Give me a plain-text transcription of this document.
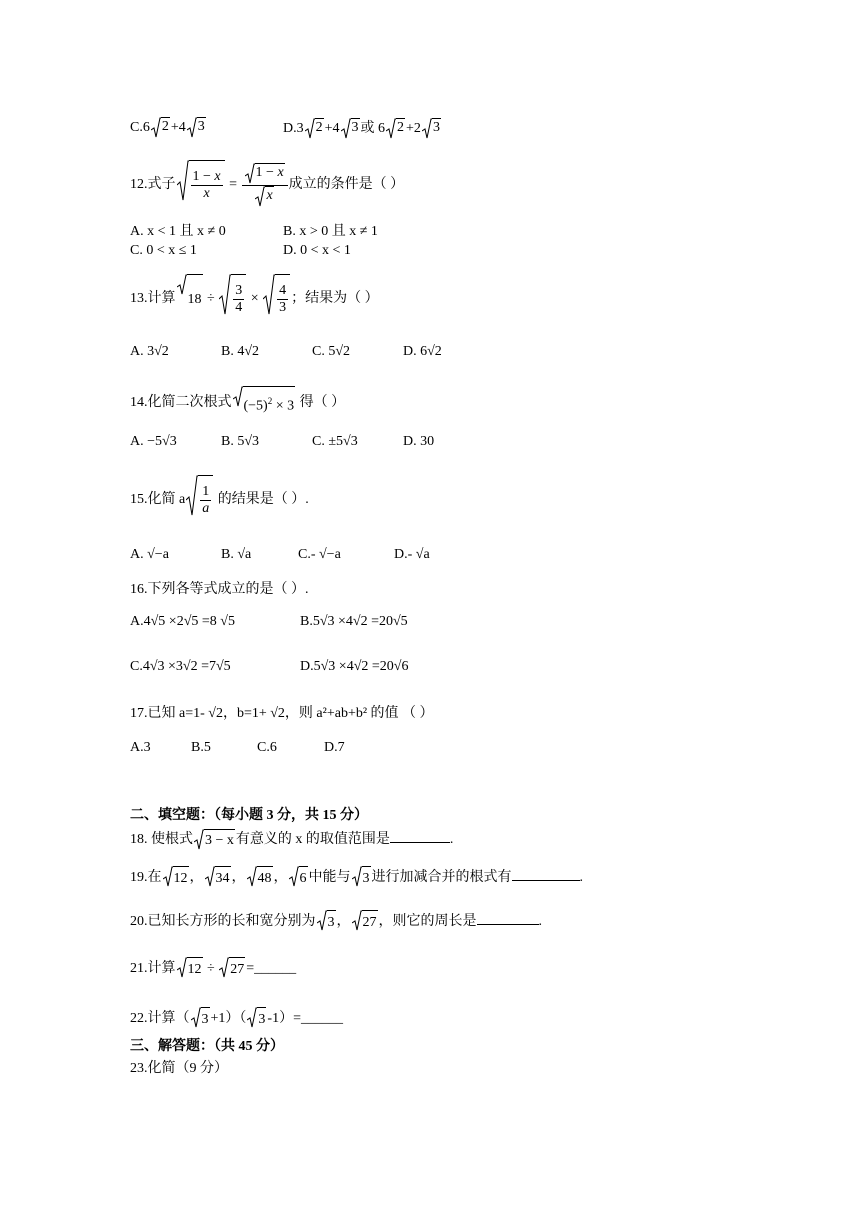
C.6 2 +4 3	D.3 2 +4 3 或 6 2 +2 3
12.式子 $\frac{1 - x}{x} = \frac{1 - x}{x}$ 成立的条件是（ ）
A. x < 1 且 x ≠ 0	B. x > 0 且 x ≠ 1
C. 0 < x ≤ 1	D. 0 < x < 1
13.计算 $18 \div \frac{3}{4} \times \frac{4}{3}$ ；结果为（ ）
A. 3√2	B. 4√2	C. 5√2	D. 6√2
14.化简二次根式 $(-5)^2 \times 3$ 得（ ）
A. −5√3	B. 5√3	C. ±5√3	D. 30
15.化简 a $\frac{1}{a}$ 的结果是（ ）.
A. √−a	B. √a	C.- √−a	D.- √a
16.下列各等式成立的是（ ）.
A.4√5 ×2√5 =8 √5	B.5√3 ×4√2 =20√5
C.4√3 ×3√2 =7√5	D.5√3 ×4√2 =20√6
17.已知 a=1- √2，b=1+ √2，则 a²+ab+b² 的值 （ ）
A.3	B.5	C.6	D.7
二、填空题：（每小题 3 分，共 15 分）
18. 使根式 3 − x 有意义的 x 的取值范围是	.
19.在 12 ， 34 ， 48 ， 6 中能与 3 进行加减合并的根式有	.
20.已知长方形的长和宽分别为 3 ， 27 ，则它的周长是	.
21.计算 12 ÷ 27 =______
22.计算（ 3 +1）（ 3 -1）=______
三、解答题：（共 45 分）
23.化简（9 分）
